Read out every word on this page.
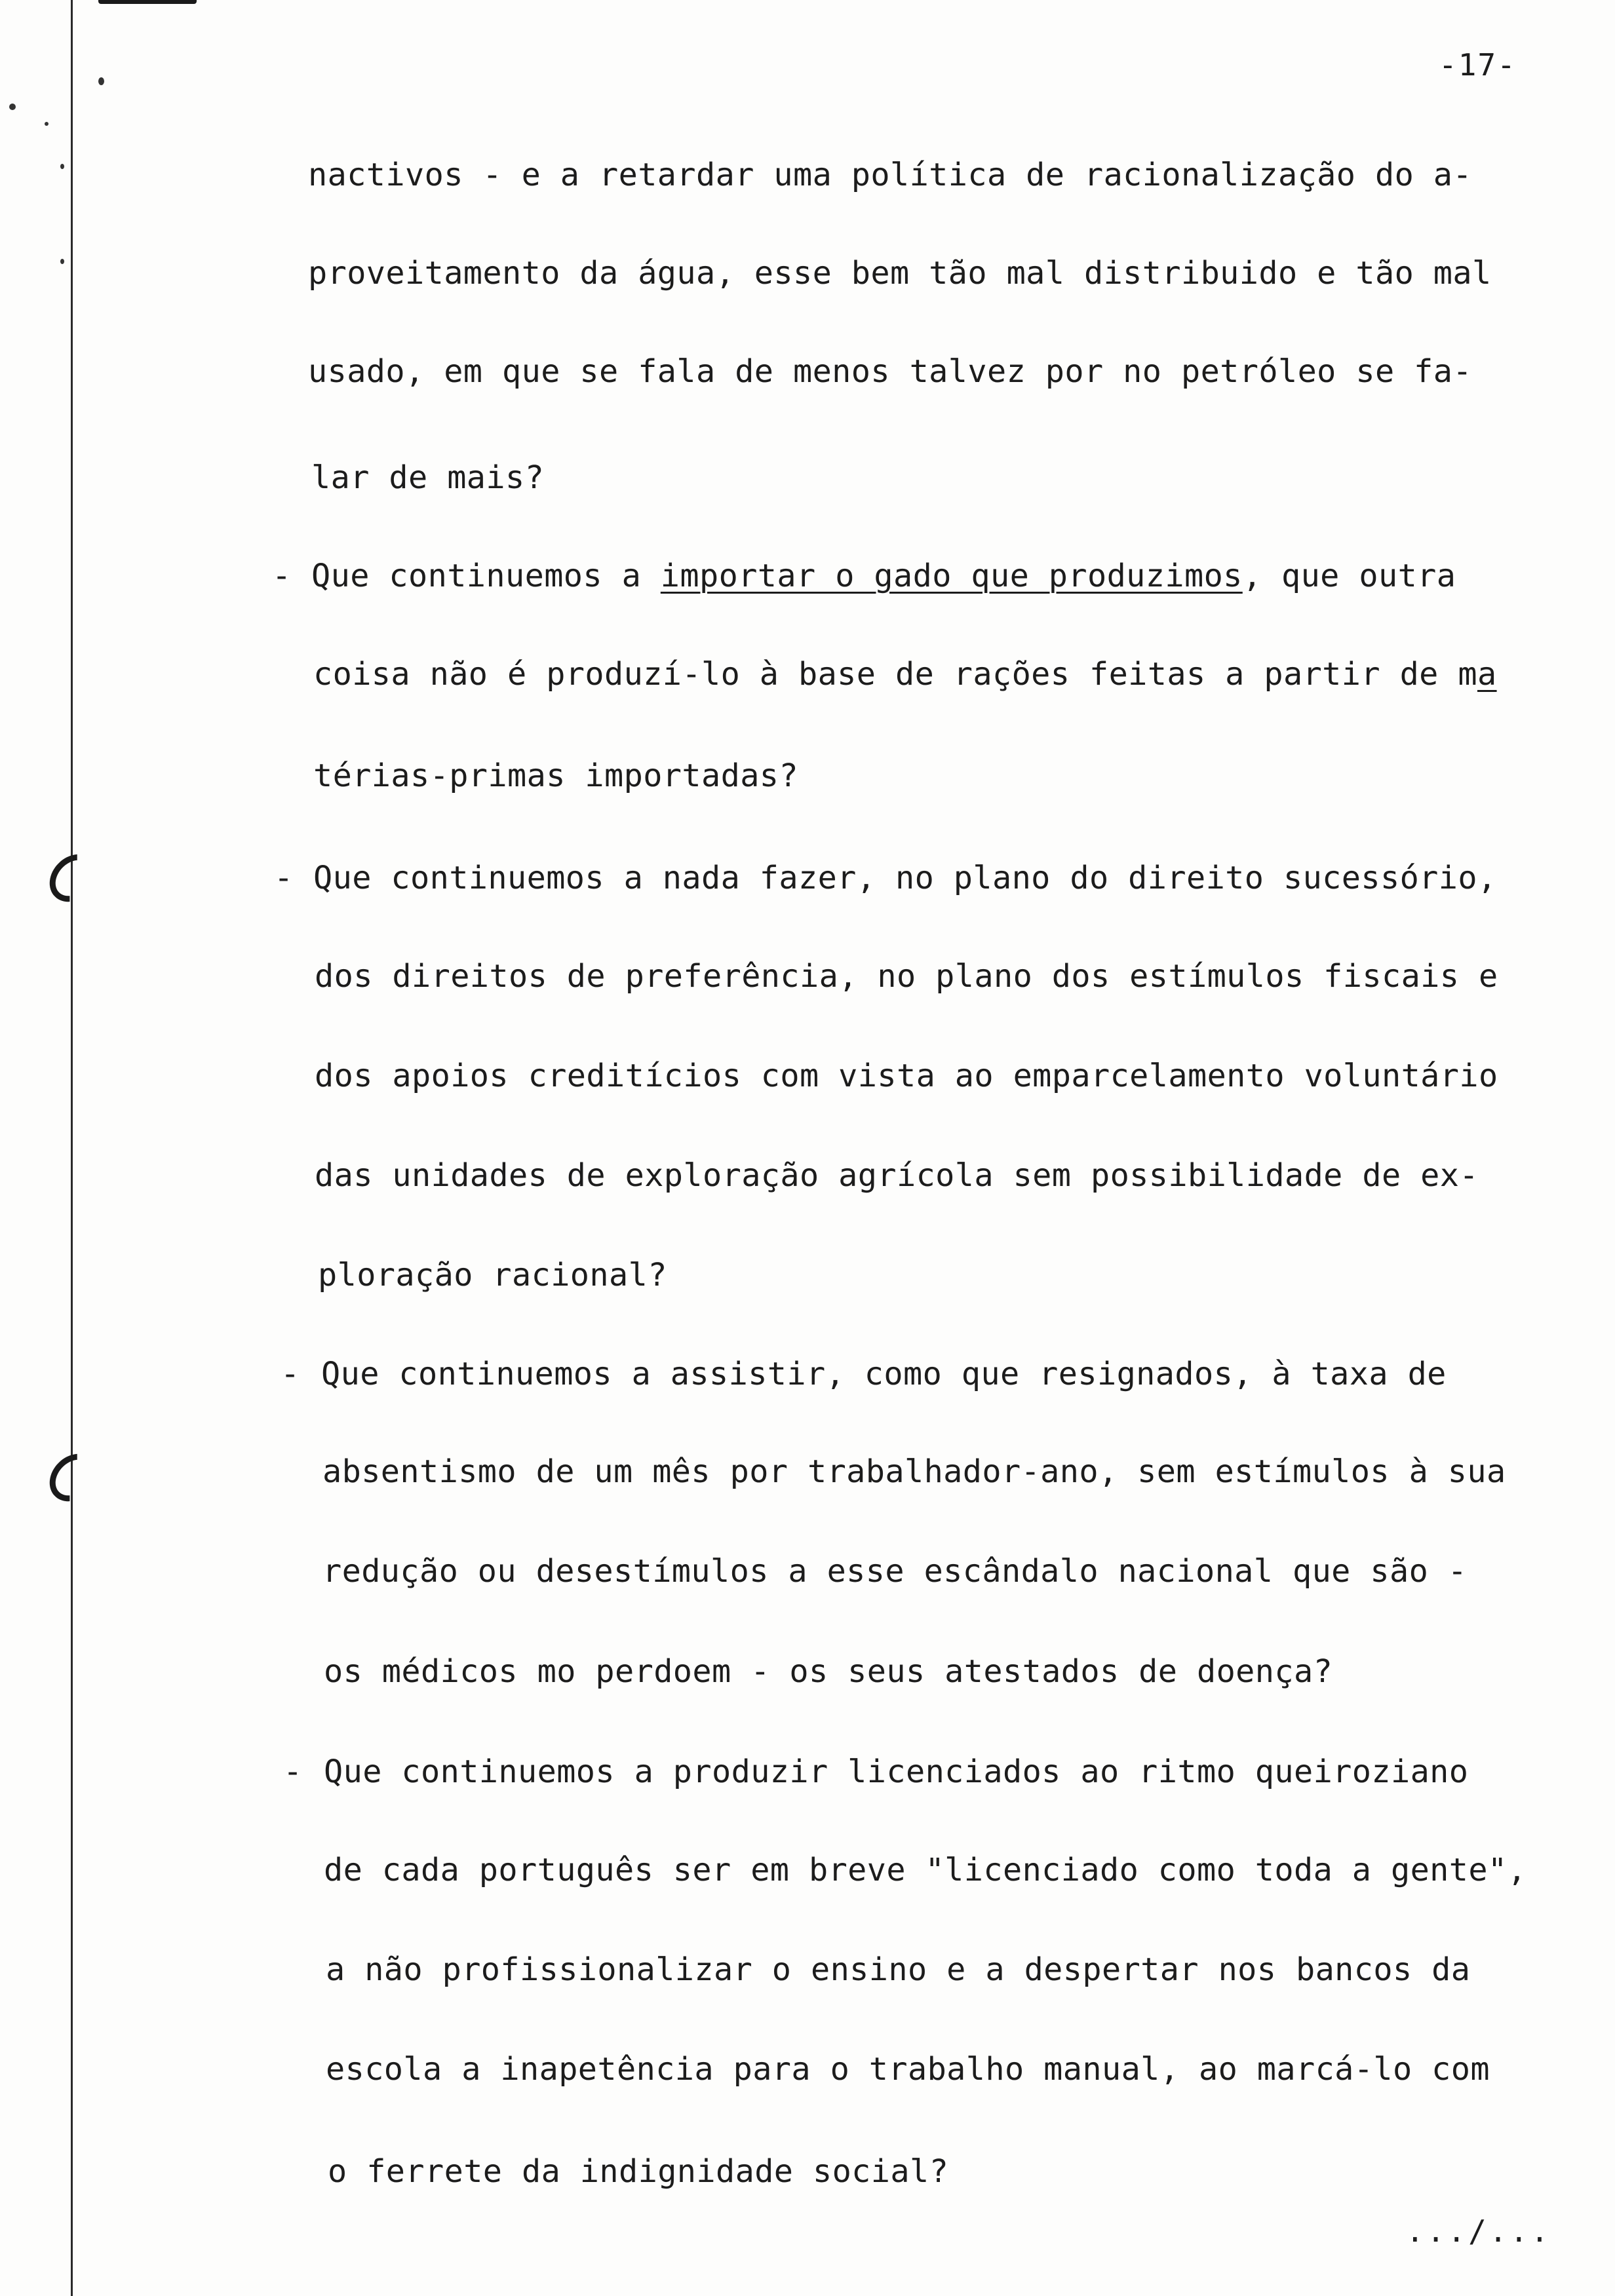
-17-
nactivos - e a retardar uma política de racionalização do a-
proveitamento da água, esse bem tão mal distribuido e tão mal
usado, em que se fala de menos talvez por no petróleo se fa-
lar de mais?
- Que continuemos a importar o gado que produzimos, que outra
coisa não é produzí-lo à base de rações feitas a partir de ma
térias-primas importadas?
- Que continuemos a nada fazer, no plano do direito sucessório,
dos direitos de preferência, no plano dos estímulos fiscais e
dos apoios creditícios com vista ao emparcelamento voluntário
das unidades de exploração agrícola sem possibilidade de ex-
ploração racional?
- Que continuemos a assistir, como que resignados, à taxa de
absentismo de um mês por trabalhador-ano, sem estímulos à sua
redução ou desestímulos a esse escândalo nacional que são -
os médicos mo perdoem - os seus atestados de doença?
- Que continuemos a produzir licenciados ao ritmo queiroziano
de cada português ser em breve "licenciado como toda a gente",
a não profissionalizar o ensino e a despertar nos bancos da
escola a inapetência para o trabalho manual, ao marcá-lo com
o ferrete da indignidade social?
.../...
